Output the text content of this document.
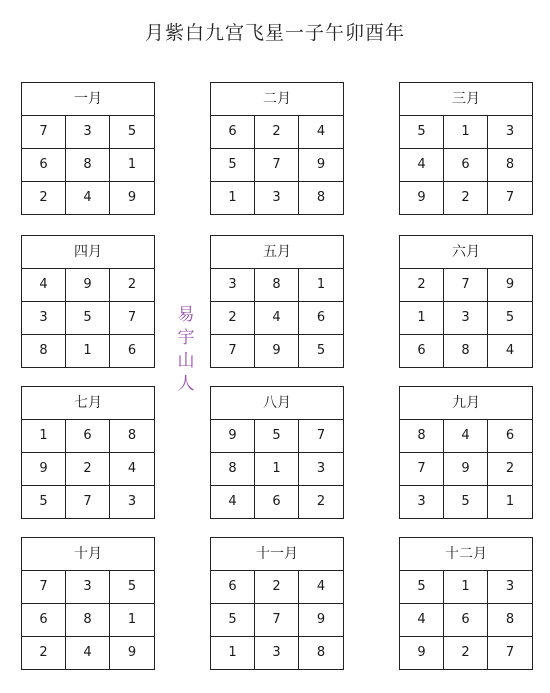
月紫白九宫飞星一子午卯酉年
一月
7	3	5
6	8	1
2	4	9
二月
6	2	4
5	7	9
1	3	8
三月
5	1	3
4	6	8
9	2	7
四月
4	9	2
3	5	7
8	1	6
五月
3	8	1
2	4	6
7	9	5
六月
2	7	9
1	3	5
6	8	4
七月
1	6	8
9	2	4
5	7	3
八月
9	5	7
8	1	3
4	6	2
九月
8	4	6
7	9	2
3	5	1
十月
7	3	5
6	8	1
2	4	9
十一月
6	2	4
5	7	9
1	3	8
十二月
5	1	3
4	6	8
9	2	7
易
宇
山
人
